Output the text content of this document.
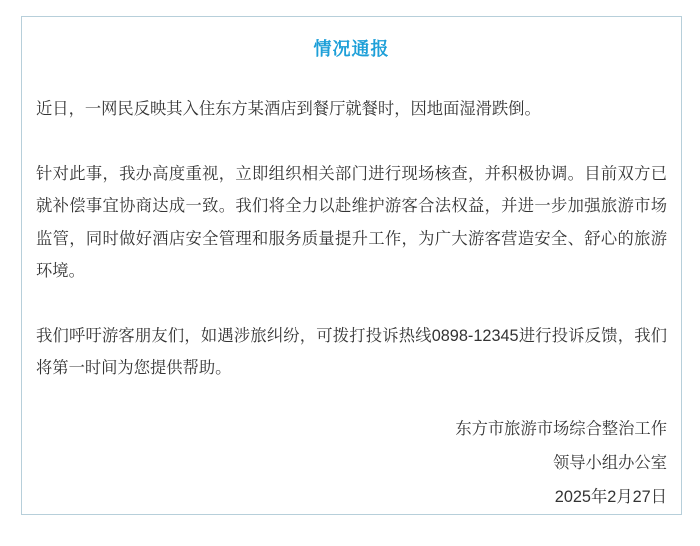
情况通报

近日，一网民反映其入住东方某酒店到餐厅就餐时，因地面湿滑跌倒。

针对此事，我办高度重视，立即组织相关部门进行现场核查，并积极协调。目前双方已就补偿事宜协商达成一致。我们将全力以赴维护游客合法权益，并进一步加强旅游市场监管，同时做好酒店安全管理和服务质量提升工作，为广大游客营造安全、舒心的旅游环境。

我们呼吁游客朋友们，如遇涉旅纠纷，可拨打投诉热线0898-12345进行投诉反馈，我们将第一时间为您提供帮助。

东方市旅游市场综合整治工作
领导小组办公室
2025年2月27日
